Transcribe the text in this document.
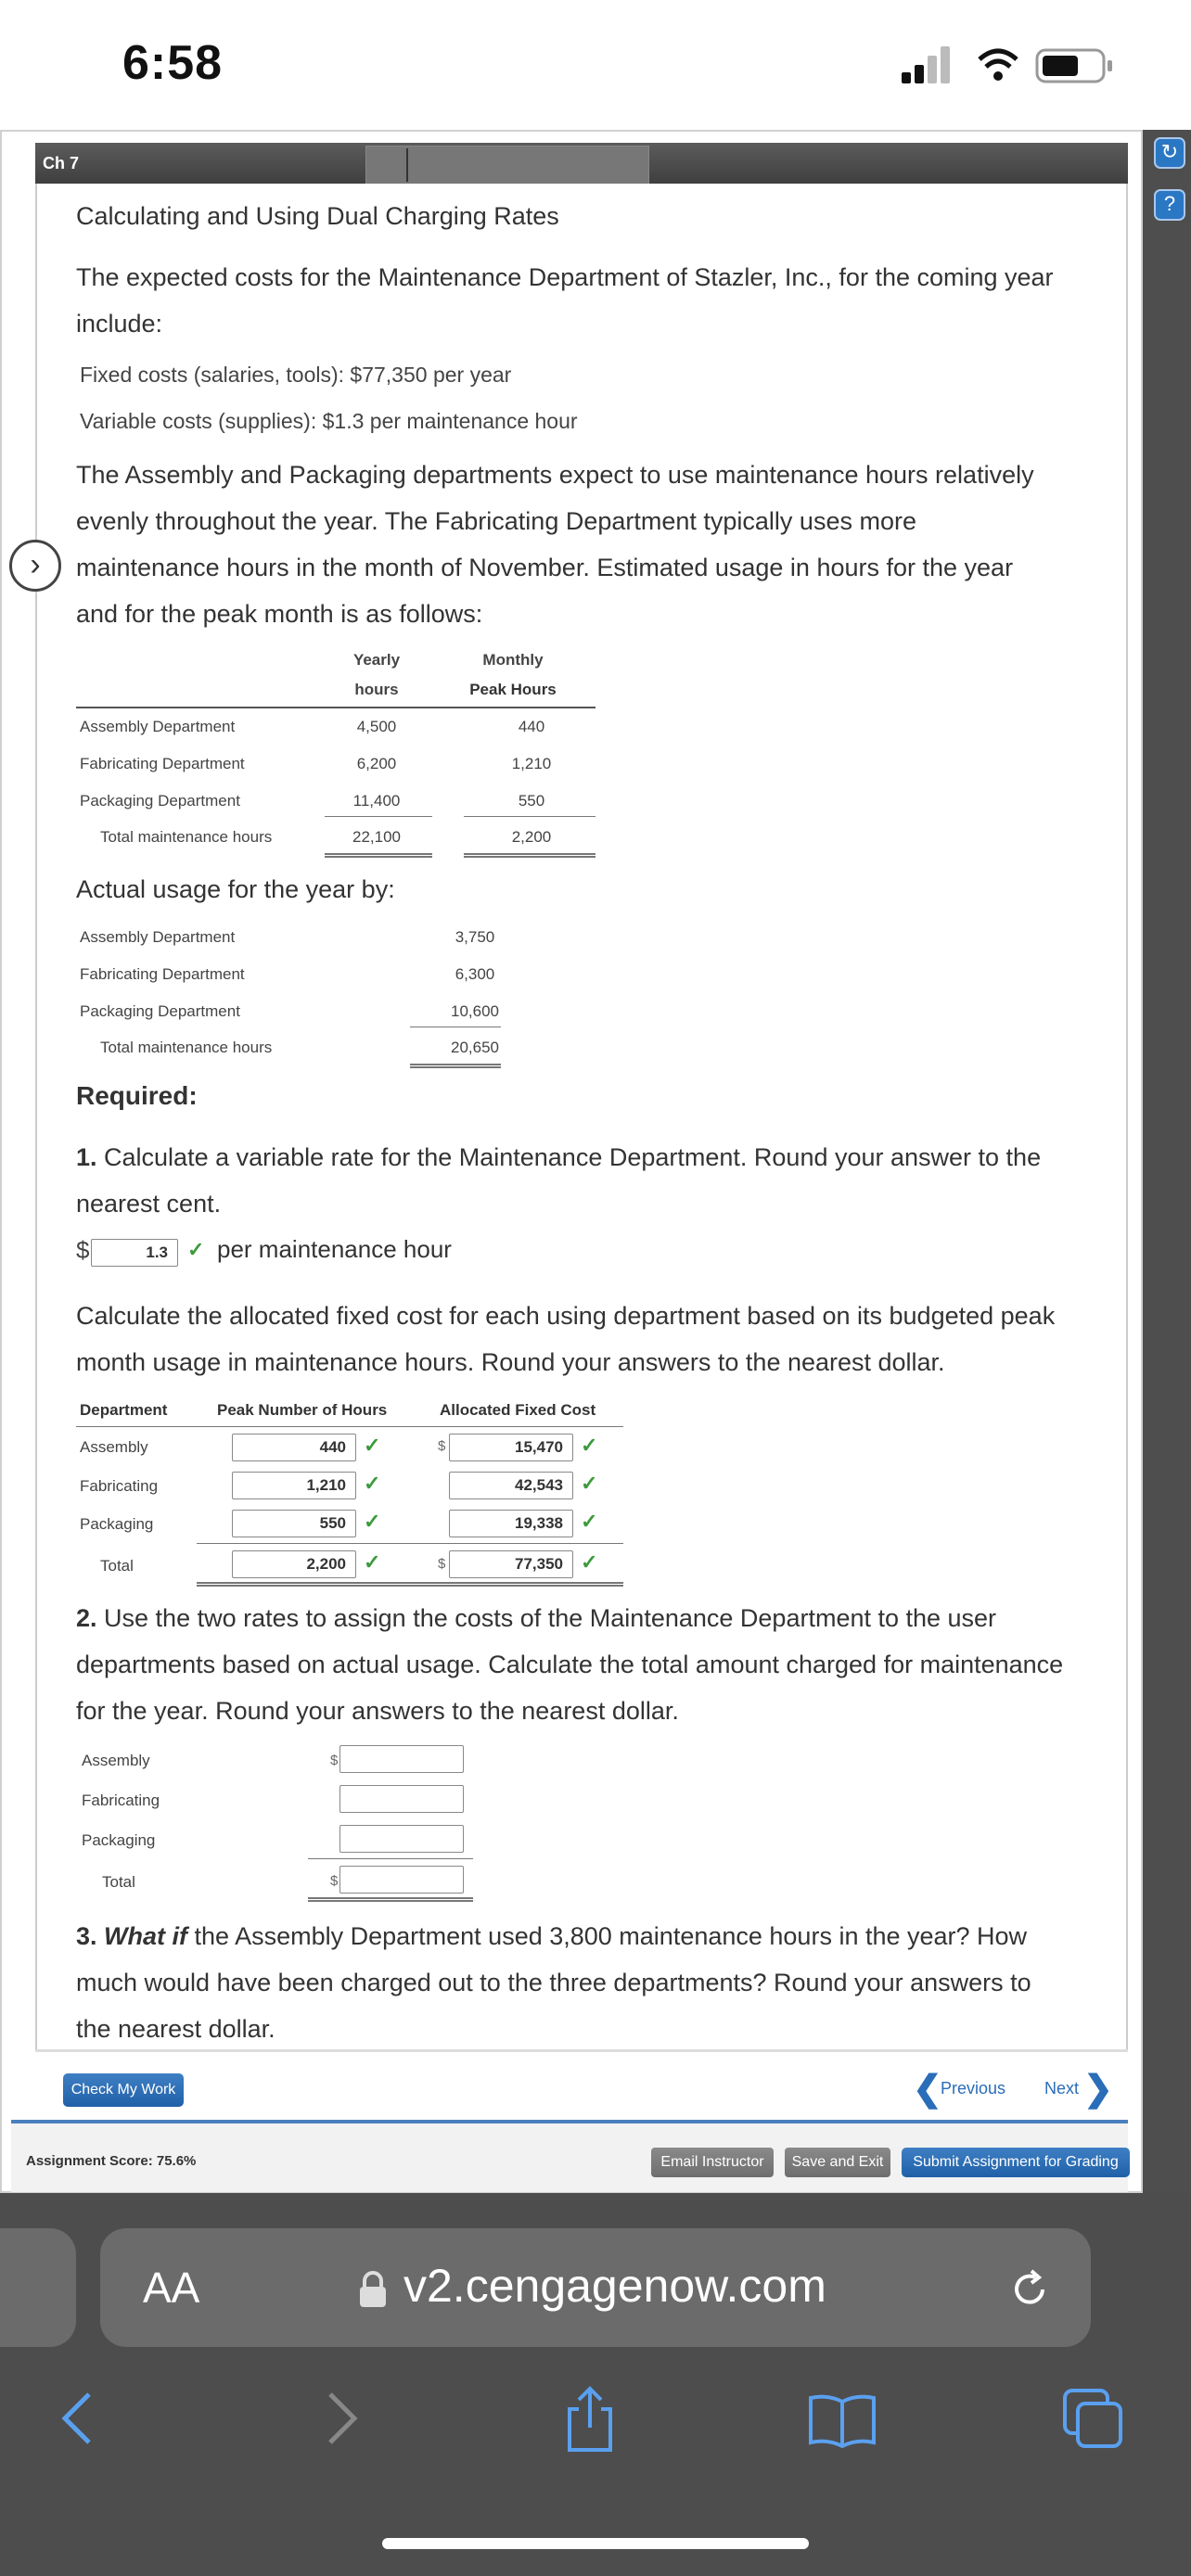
6:58
↻
?
Ch 7
›
Calculating and Using Dual Charging Rates
The expected costs for the Maintenance Department of Stazler, Inc., for the coming year
include:
Fixed costs (salaries, tools): $77,350 per year
Variable costs (supplies): $1.3 per maintenance hour
The Assembly and Packaging departments expect to use maintenance hours relatively
evenly throughout the year. The Fabricating Department typically uses more
maintenance hours in the month of November. Estimated usage in hours for the year
and for the peak month is as follows:
Yearly
hours
Monthly
Peak Hours
Assembly Department	4,500	440
Fabricating Department	6,200	1,210
Packaging Department	11,400	550
Total maintenance hours	22,100	2,200
Actual usage for the year by:
Assembly Department	3,750
Fabricating Department	6,300
Packaging Department	10,600
Total maintenance hours	20,650
Required:
1. Calculate a variable rate for the Maintenance Department. Round your answer to the
nearest cent.
$	1.3 ✓ per maintenance hour
Calculate the allocated fixed cost for each using department based on its budgeted peak
month usage in maintenance hours. Round your answers to the nearest dollar.
Department	Peak Number of Hours	Allocated Fixed Cost
Assembly	440 ✓	$	15,470 ✓
Fabricating	1,210 ✓	42,543 ✓
Packaging	550 ✓	19,338 ✓
Total	2,200 ✓	$	77,350 ✓
2. Use the two rates to assign the costs of the Maintenance Department to the user
departments based on actual usage. Calculate the total amount charged for maintenance
for the year. Round your answers to the nearest dollar.
Assembly	$
Fabricating
Packaging
Total	$
3. What if the Assembly Department used 3,800 maintenance hours in the year? How
much would have been charged out to the three departments? Round your answers to
the nearest dollar.
Check My Work	❮
Previous Next ❯
Assignment Score: 75.6%	Email Instructor	Save and Exit	Submit Assignment for Grading
AA	v2.cengagenow.com
